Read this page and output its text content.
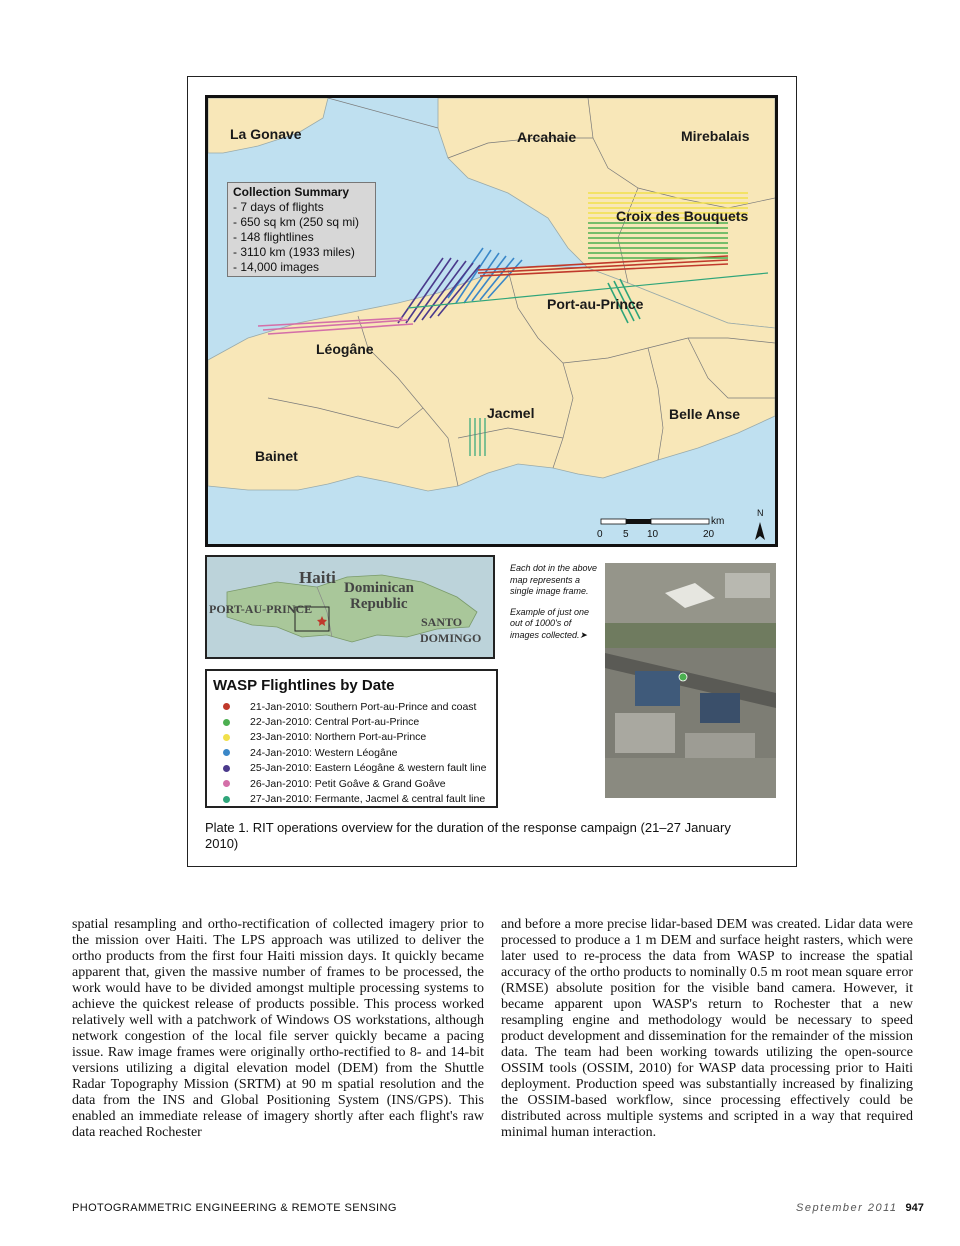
La Gonave	Arcahaie	Mirebalais
Croix des Bouquets
Port-au-Prince
Léogâne
Jacmel	Belle Anse
Bainet
km
0 5 10	20
N
Collection Summary
- 7 days of flights
- 650 sq km (250 sq mi)
- 148 flightlines
- 3110 km (1933 miles)
- 14,000 images
Haiti
Dominican
Republic
PORT-AU-PRINCE
SANTO
DOMINGO
WASP Flightlines by Date
21-Jan-2010: Southern Port-au-Prince and coast
22-Jan-2010: Central Port-au-Prince
23-Jan-2010: Northern Port-au-Prince
24-Jan-2010: Western Léogâne
25-Jan-2010: Eastern Léogâne & western fault line
26-Jan-2010: Petit Goâve & Grand Goâve
27-Jan-2010: Fermante, Jacmel & central fault line

Each dot in the above map represents a single image frame.

Example of just one out of 1000's of images collected.➤

Plate 1. RIT operations overview for the duration of the response campaign (21–27 January 2010)
spatial resampling and ortho-rectification of collected imagery prior to the mission over Haiti. The LPS approach was utilized to deliver the ortho products from the first four Haiti mission days. It quickly became apparent that, given the massive number of frames to be processed, the work would have to be divided amongst multiple processing systems to achieve the quickest release of products possible. This process worked relatively well with a patchwork of Windows OS workstations, although network congestion of the local file server quickly became a pacing issue. Raw image frames were originally ortho-rectified to 8- and 14-bit versions utilizing a digital elevation model (DEM) from the Shuttle Radar Topography Mission (SRTM) at 90 m spatial resolution and the data from the INS and Global Positioning System (INS/GPS). This enabled an immediate release of imagery shortly after each flight's raw data reached Rochester
and before a more precise lidar-based DEM was created. Lidar data were processed to produce a 1 m DEM and surface height rasters, which were later used to re-process the data from WASP to increase the spatial accuracy of the ortho products to nominally 0.5 m root mean square error (RMSE) absolute position for the visible band camera. However, it became apparent upon WASP's return to Rochester that a new resampling engine and methodology would be necessary to speed product development and dissemination for the remainder of the mission data. The team had been working towards utilizing the open-source OSSIM tools (OSSIM, 2010) for WASP data processing prior to Haiti deployment. Production speed was substantially increased by finalizing the OSSIM-based workflow, since processing effectively could be distributed across multiple systems and scripted in a way that required minimal human interaction.
PHOTOGRAMMETRIC ENGINEERING & REMOTE SENSING	September 2011 947
